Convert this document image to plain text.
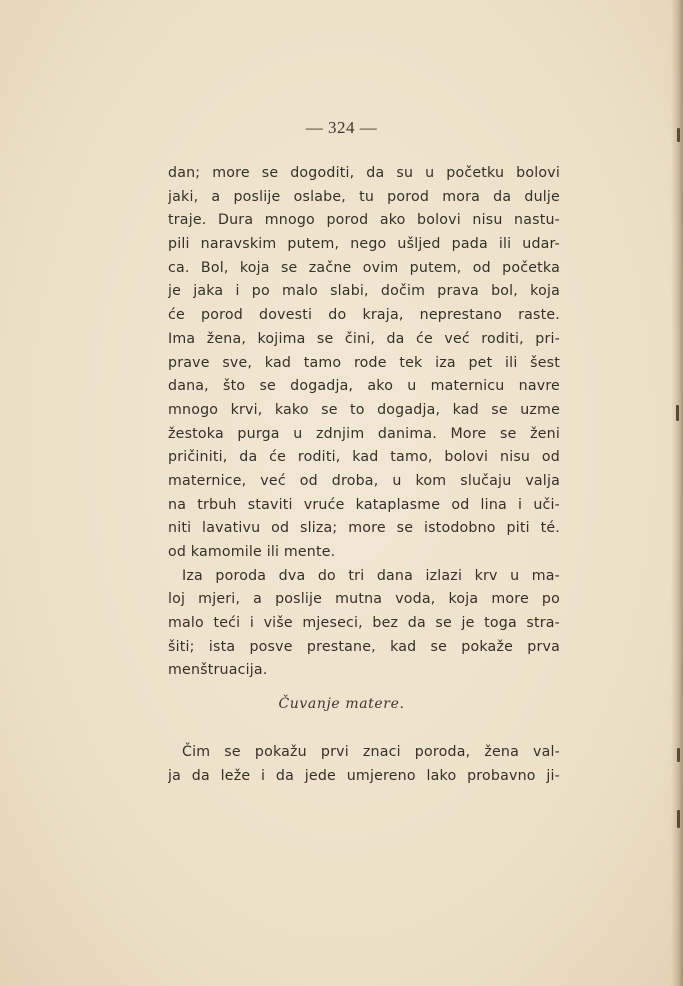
— 324 —
dan; more se dogoditi, da su u početku bolovi
jaki, a poslije oslabe, tu porod mora da dulje
traje. Dura mnogo porod ako bolovi nisu nastu-
pili naravskim putem, nego ušljed pada ili udar-
ca. Bol, koja se začne ovim putem, od početka
je jaka i po malo slabi, dočim prava bol, koja
će porod dovesti do kraja, neprestano raste.
Ima žena, kojima se čini, da će već roditi, pri-
prave sve, kad tamo rode tek iza pet ili šest
dana, što se dogadja, ako u maternicu navre
mnogo krvi, kako se to dogadja, kad se uzme
žestoka purga u zdnjim danima. More se ženi
pričiniti, da će roditi, kad tamo, bolovi nisu od
maternice, već od droba, u kom slučaju valja
na trbuh staviti vruće kataplasme od lina i uči-
niti lavativu od sliza; more se istodobno piti té.
od kamomile ili mente.
Iza poroda dva do tri dana izlazi krv u ma-
loj mjeri, a poslije mutna voda, koja more po
malo teći i više mjeseci, bez da se je toga stra-
šiti; ista posve prestane, kad se pokaže prva
menštruacija.
Čuvanje matere.
Čim se pokažu prvi znaci poroda, žena val-
ja da leže i da jede umjereno lako probavno ji-
